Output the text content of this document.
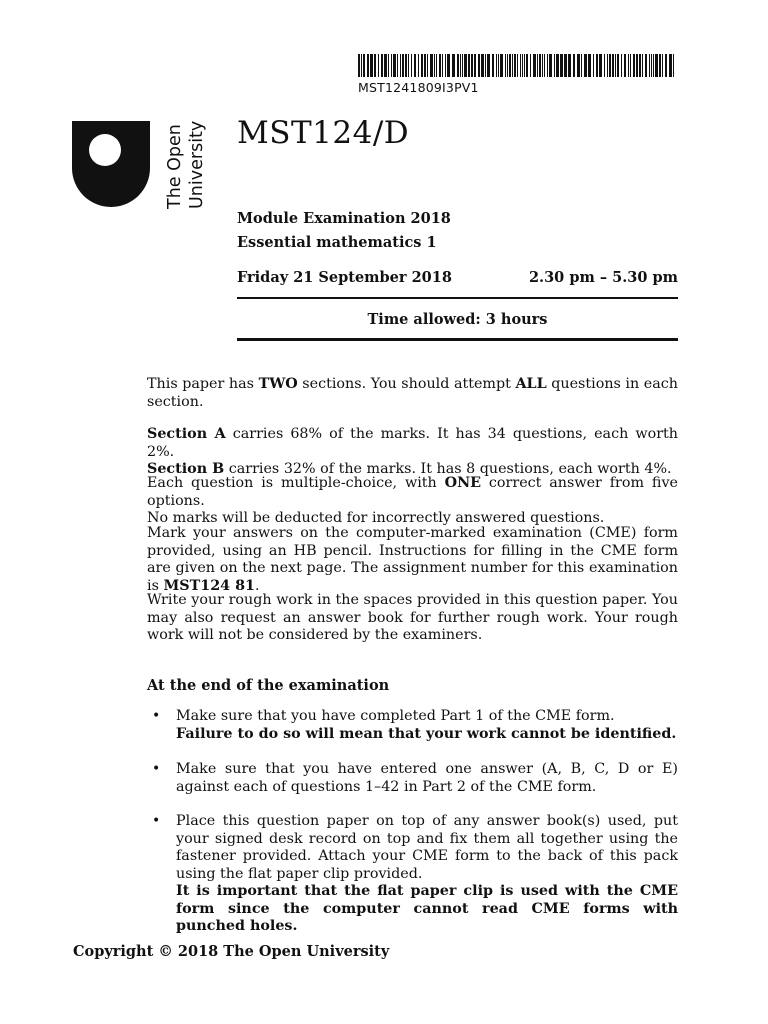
MST1241809I3PV1
The Open University MST124/D
Module Examination 2018
Essential mathematics 1
Friday 21 September 2018	2.30 pm – 5.30 pm
Time allowed: 3 hours
This paper has TWO sections. You should attempt ALL questions in each section.
Section A carries 68% of the marks. It has 34 questions, each worth 2%.
Section B carries 32% of the marks. It has 8 questions, each worth 4%.
Each question is multiple-choice, with ONE correct answer from five options.
No marks will be deducted for incorrectly answered questions.
Mark your answers on the computer-marked examination (CME) form provided, using an HB pencil. Instructions for filling in the CME form are given on the next page. The assignment number for this examination is MST124 81.
Write your rough work in the spaces provided in this question paper. You may also request an answer book for further rough work. Your rough work will not be considered by the examiners.
At the end of the examination
• Make sure that you have completed Part 1 of the CME form.
Failure to do so will mean that your work cannot be identified.
• Make sure that you have entered one answer (A, B, C, D or E) against each of questions 1–42 in Part 2 of the CME form.
• Place this question paper on top of any answer book(s) used, put your signed desk record on top and fix them all together using the fastener provided. Attach your CME form to the back of this pack using the flat paper clip provided.
It is important that the flat paper clip is used with the CME form since the computer cannot read CME forms with punched holes.
Copyright © 2018 The Open University
